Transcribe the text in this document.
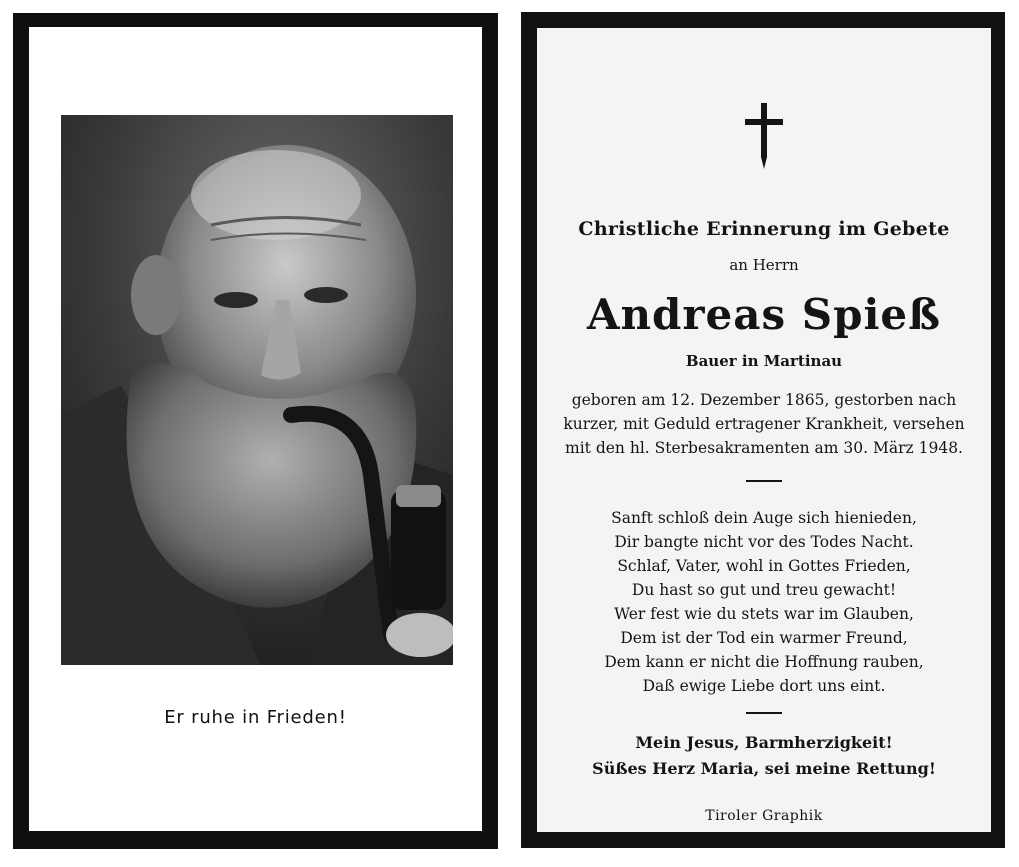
Er ruhe in Frieden!
Christliche Erinnerung im Gebete
an Herrn
Andreas Spieß
Bauer in Martinau
geboren am 12. Dezember 1865, gestorben nach
kurzer, mit Geduld ertragener Krankheit, versehen
mit den hl. Sterbesakramenten am 30. März 1948.
Sanft schloß dein Auge sich hienieden,
Dir bangte nicht vor des Todes Nacht.
Schlaf, Vater, wohl in Gottes Frieden,
Du hast so gut und treu gewacht!
Wer fest wie du stets war im Glauben,
Dem ist der Tod ein warmer Freund,
Dem kann er nicht die Hoffnung rauben,
Daß ewige Liebe dort uns eint.
Mein Jesus, Barmherzigkeit!
Süßes Herz Maria, sei meine Rettung!
Tiroler Graphik
